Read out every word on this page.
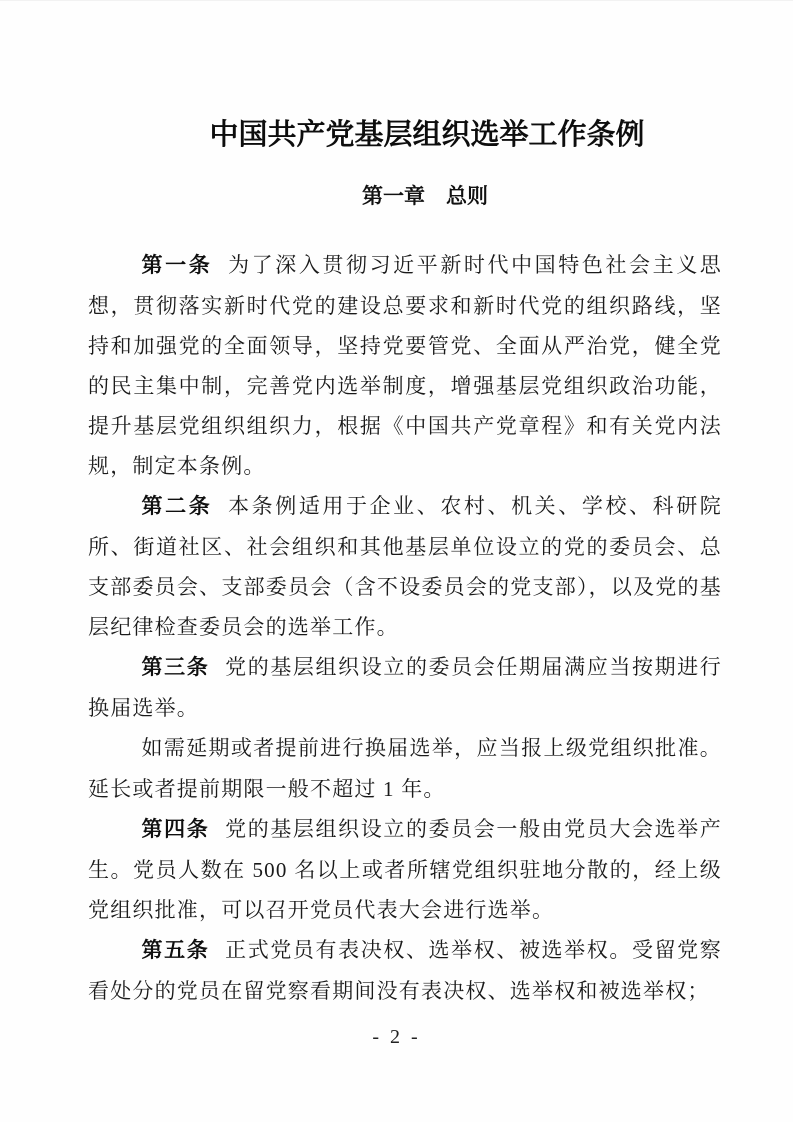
中国共产党基层组织选举工作条例
第一章　总则

第一条 为了深入贯彻习近平新时代中国特色社会主义思想，贯彻落实新时代党的建设总要求和新时代党的组织路线，坚持和加强党的全面领导，坚持党要管党、全面从严治党，健全党的民主集中制，完善党内选举制度，增强基层党组织政治功能，提升基层党组织组织力，根据《中国共产党章程》和有关党内法规，制定本条例。

第二条 本条例适用于企业、农村、机关、学校、科研院所、街道社区、社会组织和其他基层单位设立的党的委员会、总支部委员会、支部委员会（含不设委员会的党支部），以及党的基层纪律检查委员会的选举工作。

第三条 党的基层组织设立的委员会任期届满应当按期进行换届选举。

如需延期或者提前进行换届选举，应当报上级党组织批准。延长或者提前期限一般不超过 1 年。

第四条 党的基层组织设立的委员会一般由党员大会选举产生。党员人数在 500 名以上或者所辖党组织驻地分散的，经上级党组织批准，可以召开党员代表大会进行选举。

第五条 正式党员有表决权、选举权、被选举权。受留党察看处分的党员在留党察看期间没有表决权、选举权和被选举权；

- 2 -
